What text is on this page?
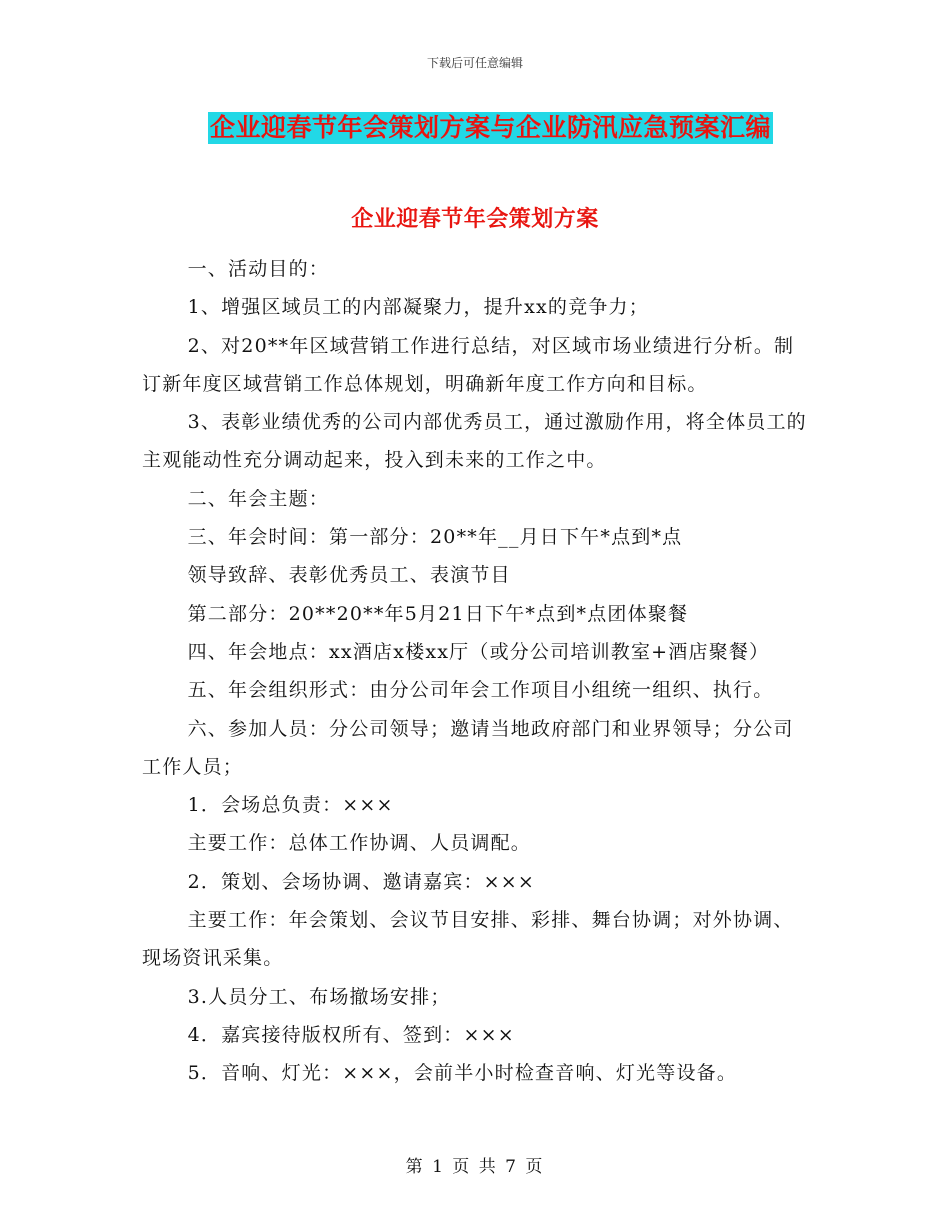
下载后可任意编辑
企业迎春节年会策划方案与企业防汛应急预案汇编
企业迎春节年会策划方案

一、活动目的：

1、增强区域员工的内部凝聚力，提升xx的竞争力；

2、对20**年区域营销工作进行总结，对区域市场业绩进行分析。制订新年度区域营销工作总体规划，明确新年度工作方向和目标。

3、表彰业绩优秀的公司内部优秀员工，通过激励作用，将全体员工的主观能动性充分调动起来，投入到未来的工作之中。

二、年会主题：

三、年会时间：第一部分：20**年__月日下午*点到*点

领导致辞、表彰优秀员工、表演节目

第二部分：20**20**年5月21日下午*点到*点团体聚餐

四、年会地点：xx酒店x楼xx厅（或分公司培训教室+酒店聚餐）

五、年会组织形式：由分公司年会工作项目小组统一组织、执行。

六、参加人员：分公司领导；邀请当地政府部门和业界领导；分公司工作人员；

1．会场总负责：×××

主要工作：总体工作协调、人员调配。

2．策划、会场协调、邀请嘉宾：×××

主要工作：年会策划、会议节目安排、彩排、舞台协调；对外协调、现场资讯采集。

3.人员分工、布场撤场安排；

4．嘉宾接待版权所有、签到：×××

5．音响、灯光：×××，会前半小时检查音响、灯光等设备。

第 1 页 共 7 页
